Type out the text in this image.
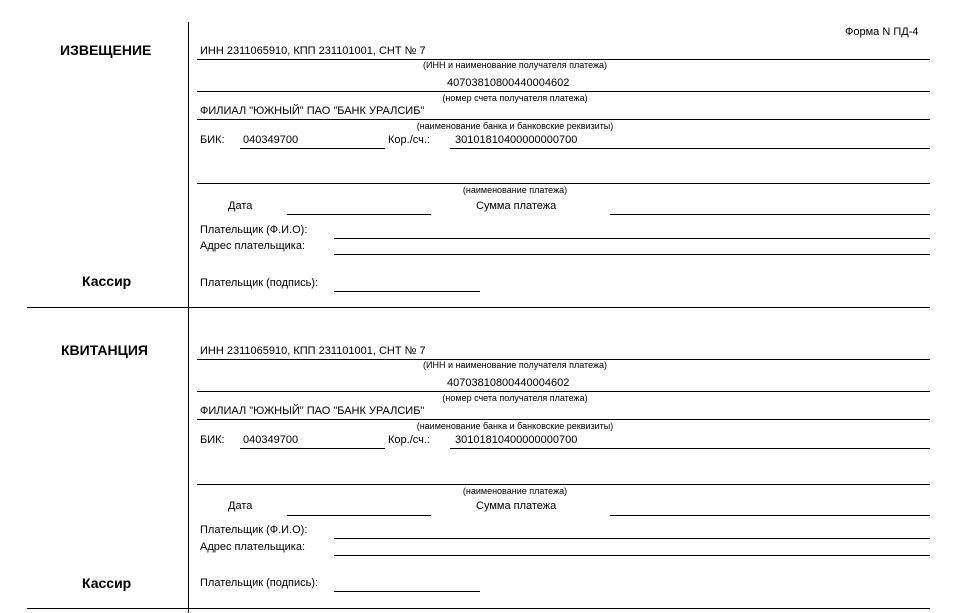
Форма N ПД-4
ИЗВЕЩЕНИЕ
Кассир
ИНН 2311065910, КПП 231101001, СНТ № 7
(ИНН и наименование получателя платежа)
40703810800440004602
(номер счета получателя платежа)
ФИЛИАЛ "ЮЖНЫЙ" ПАО "БАНК УРАЛСИБ"
(наименование банка и банковские реквизиты)
БИК: 040349700	Кор./сч.: 30101810400000000700
(наименование платежа)
Дата	Сумма платежа
Плательщик (Ф.И.О):
Адрес плательщика:
Плательщик (подпись):
КВИТАНЦИЯ
Кассир
ИНН 2311065910, КПП 231101001, СНТ № 7
(ИНН и наименование получателя платежа)
40703810800440004602
(номер счета получателя платежа)
ФИЛИАЛ "ЮЖНЫЙ" ПАО "БАНК УРАЛСИБ"
(наименование банка и банковские реквизиты)
БИК: 040349700	Кор./сч.: 30101810400000000700
(наименование платежа)
Дата	Сумма платежа
Плательщик (Ф.И.О):
Адрес плательщика:
Плательщик (подпись):
